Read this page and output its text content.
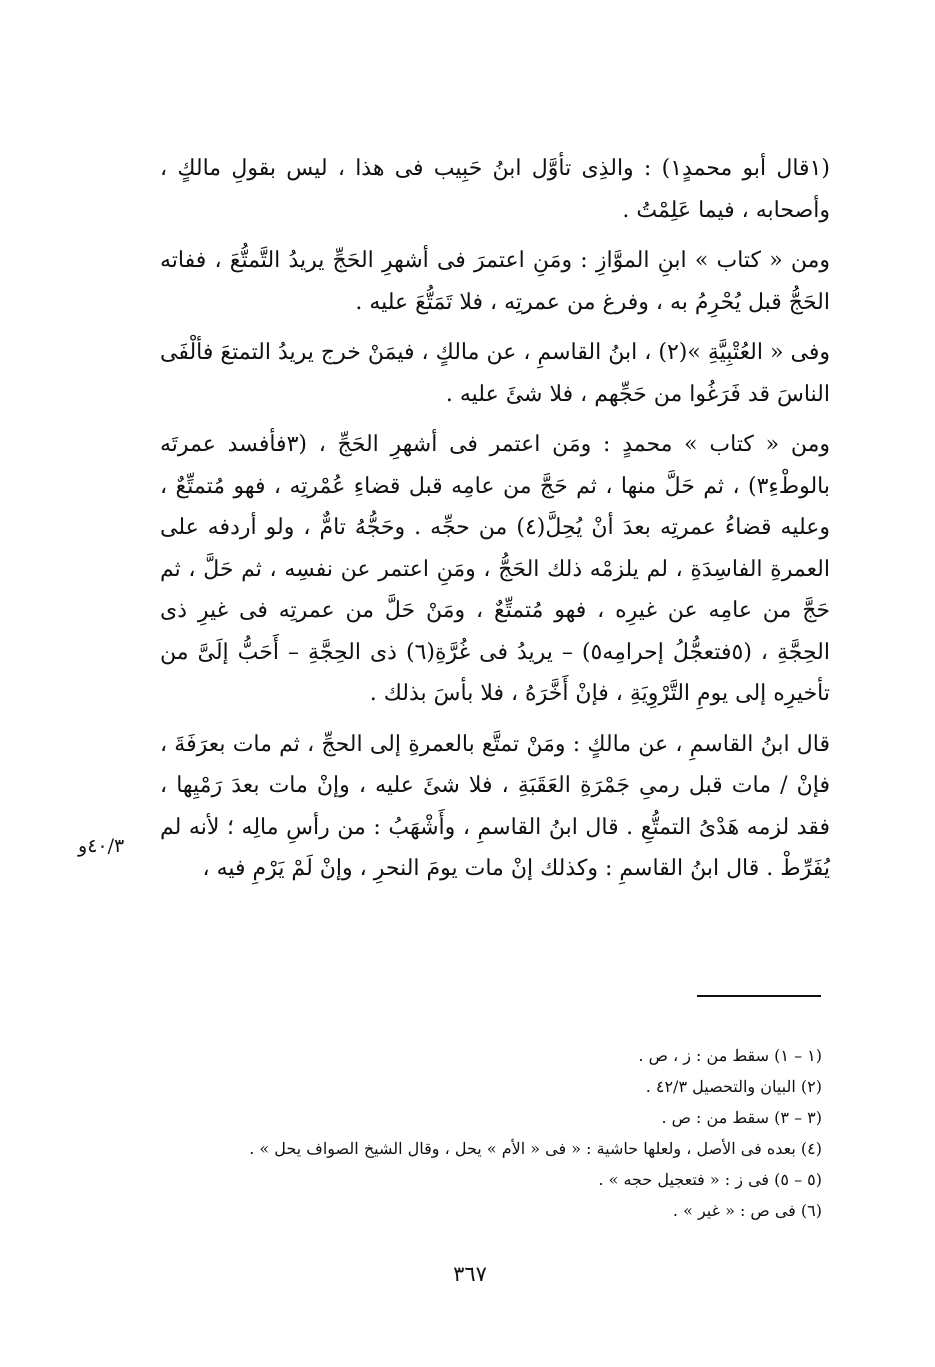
(١قال أبو محمدٍ١) : والذِى تأوَّل ابنُ حَبِيب فى هذا ، ليس بقولِ مالكٍ ، وأصحابه ، فيما عَلِمْتُ .

ومن « كتاب » ابنِ الموَّازِ : ومَنِ اعتمرَ فى أشهرِ الحَجِّ يريدُ التَّمتُّعَ ، ففاته الحَجُّ قبل يُحْرِمُ به ، وفرغ من عمرتِه ، فلا تَمَتُّعَ عليه .

وفى « العُتْبِيَّةِ »(٢) ، ابنُ القاسمِ ، عن مالكٍ ، فيمَنْ خرج يريدُ التمتعَ فألْفَى الناسَ قد فَرَغُوا من حَجِّهم ، فلا شئَ عليه .

ومن « كتاب » محمدٍ : ومَن اعتمر فى أشهرِ الحَجِّ ، (٣فأفسد عمرتَه بالوطْءِ٣) ، ثم حَلَّ منها ، ثم حَجَّ من عامِه قبل قضاءِ عُمْرتِه ، فهو مُتمتِّعٌ ، وعليه قضاءُ عمرتِه بعدَ أنْ يُحِلَّ(٤) من حجِّه . وحَجُّهُ تامٌّ ، ولو أردفه على العمرةِ الفاسِدَةِ ، لم يلزمْه ذلك الحَجُّ ، ومَنِ اعتمر عن نفسِه ، ثم حَلَّ ، ثم حَجَّ من عامِه عن غيرِه ، فهو مُتمتِّعٌ ، ومَنْ حَلَّ من عمرتِه فى غيرِ ذى الحِجَّةِ ، (٥فتعجُّلُ إحرامِه٥) – يريدُ فى غُرَّةِ(٦) ذى الحِجَّةِ – أَحَبُّ إلَىَّ من تأخيرِه إلى يومِ التَّرْوِيَةِ ، فإنْ أَخَّرَهُ ، فلا بأسَ بذلك .

قال ابنُ القاسمِ ، عن مالكٍ : ومَنْ تمتَّع بالعمرةِ إلى الحجِّ ، ثم مات بعرَفَةَ ، فإنْ / مات قبل رمىِ جَمْرَةِ العَقَبَةِ ، فلا شئَ عليه ، وإنْ مات بعدَ رَمْيِها ، فقد لزمه هَدْىُ التمتُّعِ . قال ابنُ القاسمِ ، وأَشْهَبُ : من رأسِ مالِه ؛ لأنه لم يُفَرِّطْ . قال ابنُ القاسمِ : وكذلك إنْ مات يومَ النحرِ ، وإنْ لَمْ يَرْمِ فيه ،

٤٠/٣و

(١ – ١) سقط من : ز ، ص .

(٢) البيان والتحصيل ٤٢/٣ .

(٣ – ٣) سقط من : ص .

(٤) بعده فى الأصل ، ولعلها حاشية : « فى « الأم » يحل ، وقال الشيخ الصواف يحل » .

(٥ – ٥) فى ز : « فتعجيل حجه » .

(٦) فى ص : « غير » .

٣٦٧
